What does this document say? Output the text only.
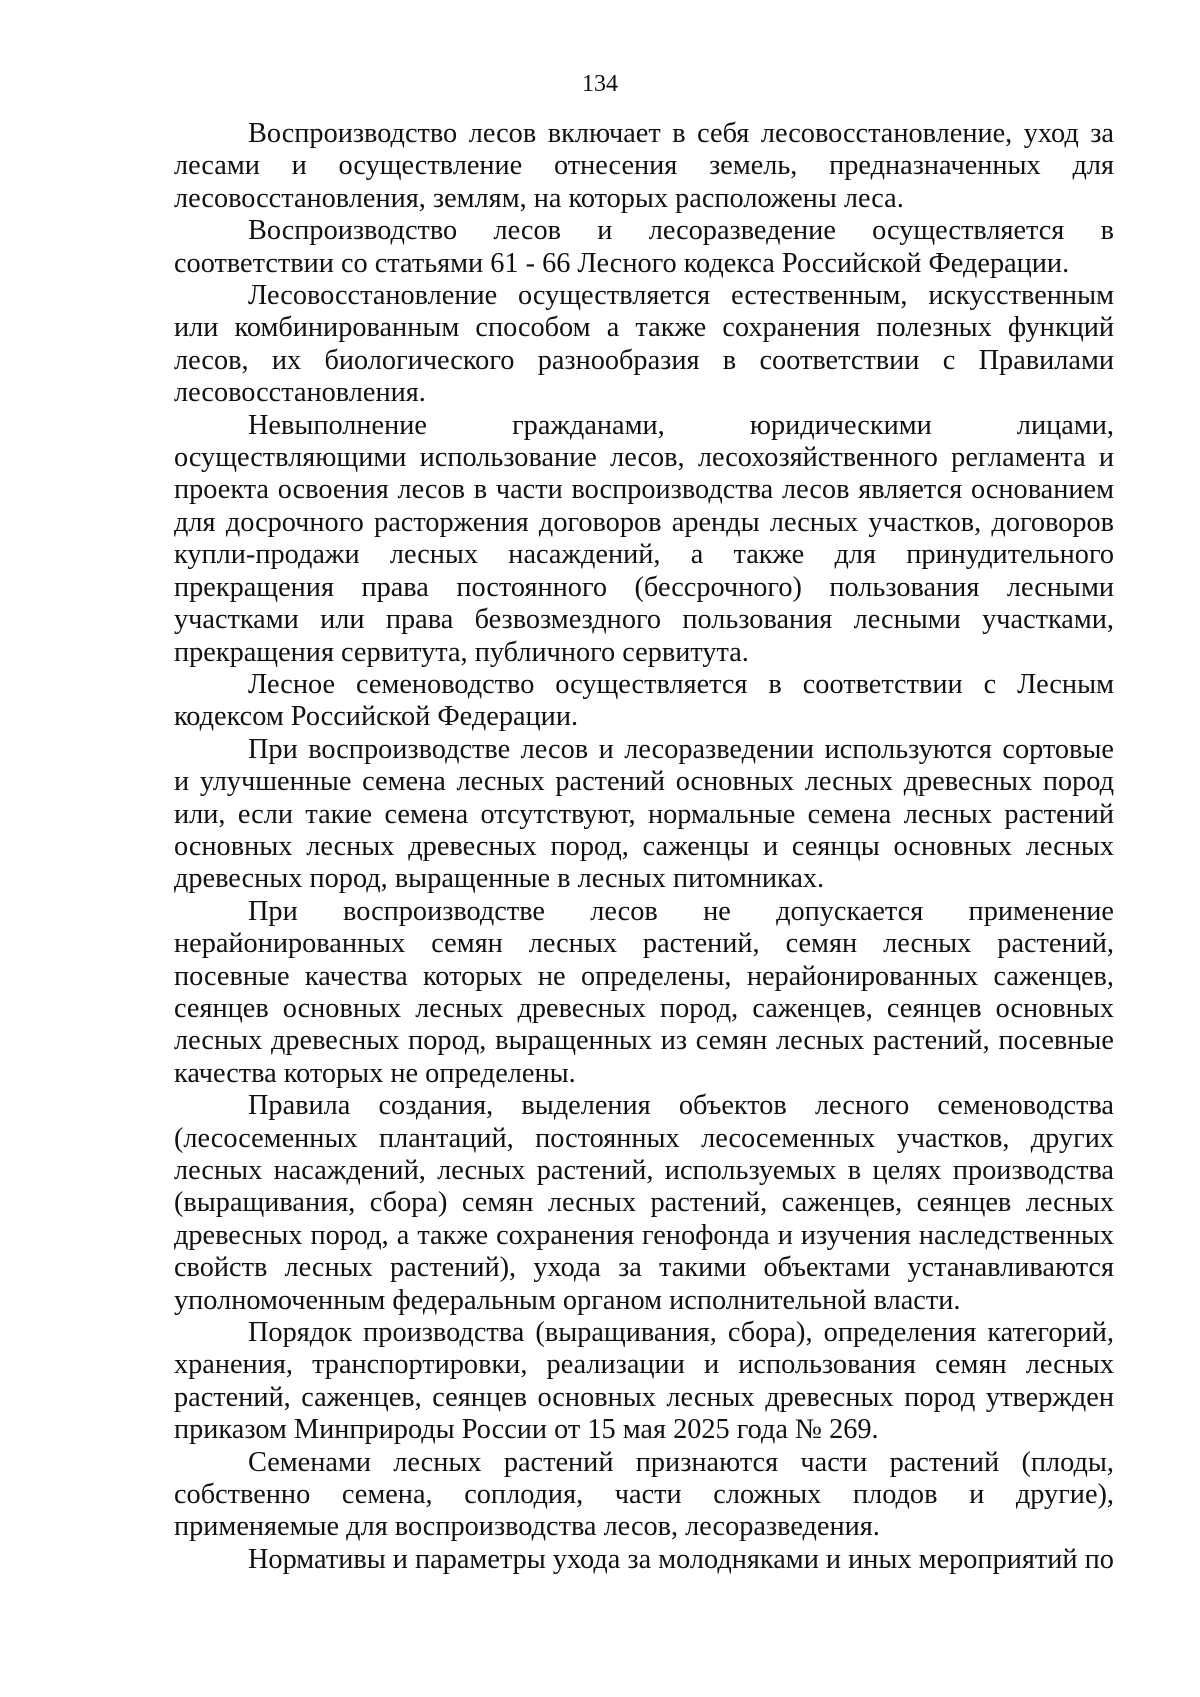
134

Воспроизводство лесов включает в себя лесовосстановление, уход за лесами и осуществление отнесения земель, предназначенных для лесовосстановления, землям, на которых расположены леса.

Воспроизводство лесов и лесоразведение осуществляется в соответствии со статьями 61 - 66 Лесного кодекса Российской Федерации.

Лесовосстановление осуществляется естественным, искусственным или комбинированным способом а также сохранения полезных функций лесов, их биологического разнообразия в соответствии с Правилами лесовосстановления.

Невыполнение гражданами, юридическими лицами, осуществляющими использование лесов, лесохозяйственного регламента и проекта освоения лесов в части воспроизводства лесов является основанием для досрочного расторжения договоров аренды лесных участков, договоров купли-продажи лесных насаждений, а также для принудительного прекращения права постоянного (бессрочного) пользования лесными участками или права безвозмездного пользования лесными участками, прекращения сервитута, публичного сервитута.

Лесное семеноводство осуществляется в соответствии с Лесным кодексом Российской Федерации.

При воспроизводстве лесов и лесоразведении используются сортовые и улучшенные семена лесных растений основных лесных древесных пород или, если такие семена отсутствуют, нормальные семена лесных растений основных лесных древесных пород, саженцы и сеянцы основных лесных древесных пород, выращенные в лесных питомниках.

При воспроизводстве лесов не допускается применение нерайонированных семян лесных растений, семян лесных растений, посевные качества которых не определены, нерайонированных саженцев, сеянцев основных лесных древесных пород, саженцев, сеянцев основных лесных древесных пород, выращенных из семян лесных растений, посевные качества которых не определены.

Правила создания, выделения объектов лесного семеноводства (лесосеменных плантаций, постоянных лесосеменных участков, других лесных насаждений, лесных растений, используемых в целях производства (выращивания, сбора) семян лесных растений, саженцев, сеянцев лесных древесных пород, а также сохранения генофонда и изучения наследственных свойств лесных растений), ухода за такими объектами устанавливаются уполномоченным федеральным органом исполнительной власти.

Порядок производства (выращивания, сбора), определения категорий, хранения, транспортировки, реализации и использования семян лесных растений, саженцев, сеянцев основных лесных древесных пород утвержден приказом Минприроды России от 15 мая 2025 года № 269.

Семенами лесных растений признаются части растений (плоды, собственно семена, соплодия, части сложных плодов и другие), применяемые для воспроизводства лесов, лесоразведения.

Нормативы и параметры ухода за молодняками и иных мероприятий по
